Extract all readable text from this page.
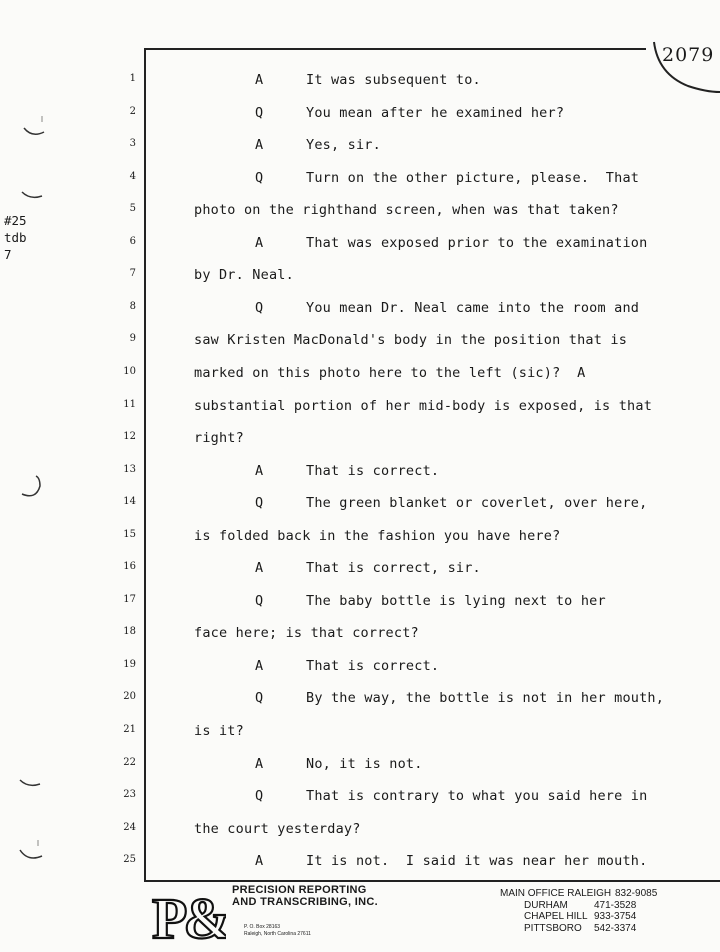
2079
#25
tdb
7
1	A	It was subsequent to.
2	Q	You mean after he examined her?
3	A	Yes, sir.
4	Q	Turn on the other picture, please.  That
5	photo on the righthand screen, when was that taken?
6	A	That was exposed prior to the examination
7	by Dr. Neal.
8	Q	You mean Dr. Neal came into the room and
9	saw Kristen MacDonald's body in the position that is
10	marked on this photo here to the left (sic)?  A
11	substantial portion of her mid-body is exposed, is that
12	right?
13	A	That is correct.
14	Q	The green blanket or coverlet, over here,
15	is folded back in the fashion you have here?
16	A	That is correct, sir.
17	Q	The baby bottle is lying next to her
18	face here; is that correct?
19	A	That is correct.
20	Q	By the way, the bottle is not in her mouth,
21	is it?
22	A	No, it is not.
23	Q	That is contrary to what you said here in
24	the court yesterday?
25	A	It is not.  I said it was near her mouth.
P& PRECISION REPORTING
AND TRANSCRIBING, INC.
P. O. Box 28163
Raleigh, North Carolina 27611
MAIN OFFICE RALEIGH 832-9085
DURHAM	471-3528
CHAPEL HILL 933-3754
PITTSBORO 542-3374
